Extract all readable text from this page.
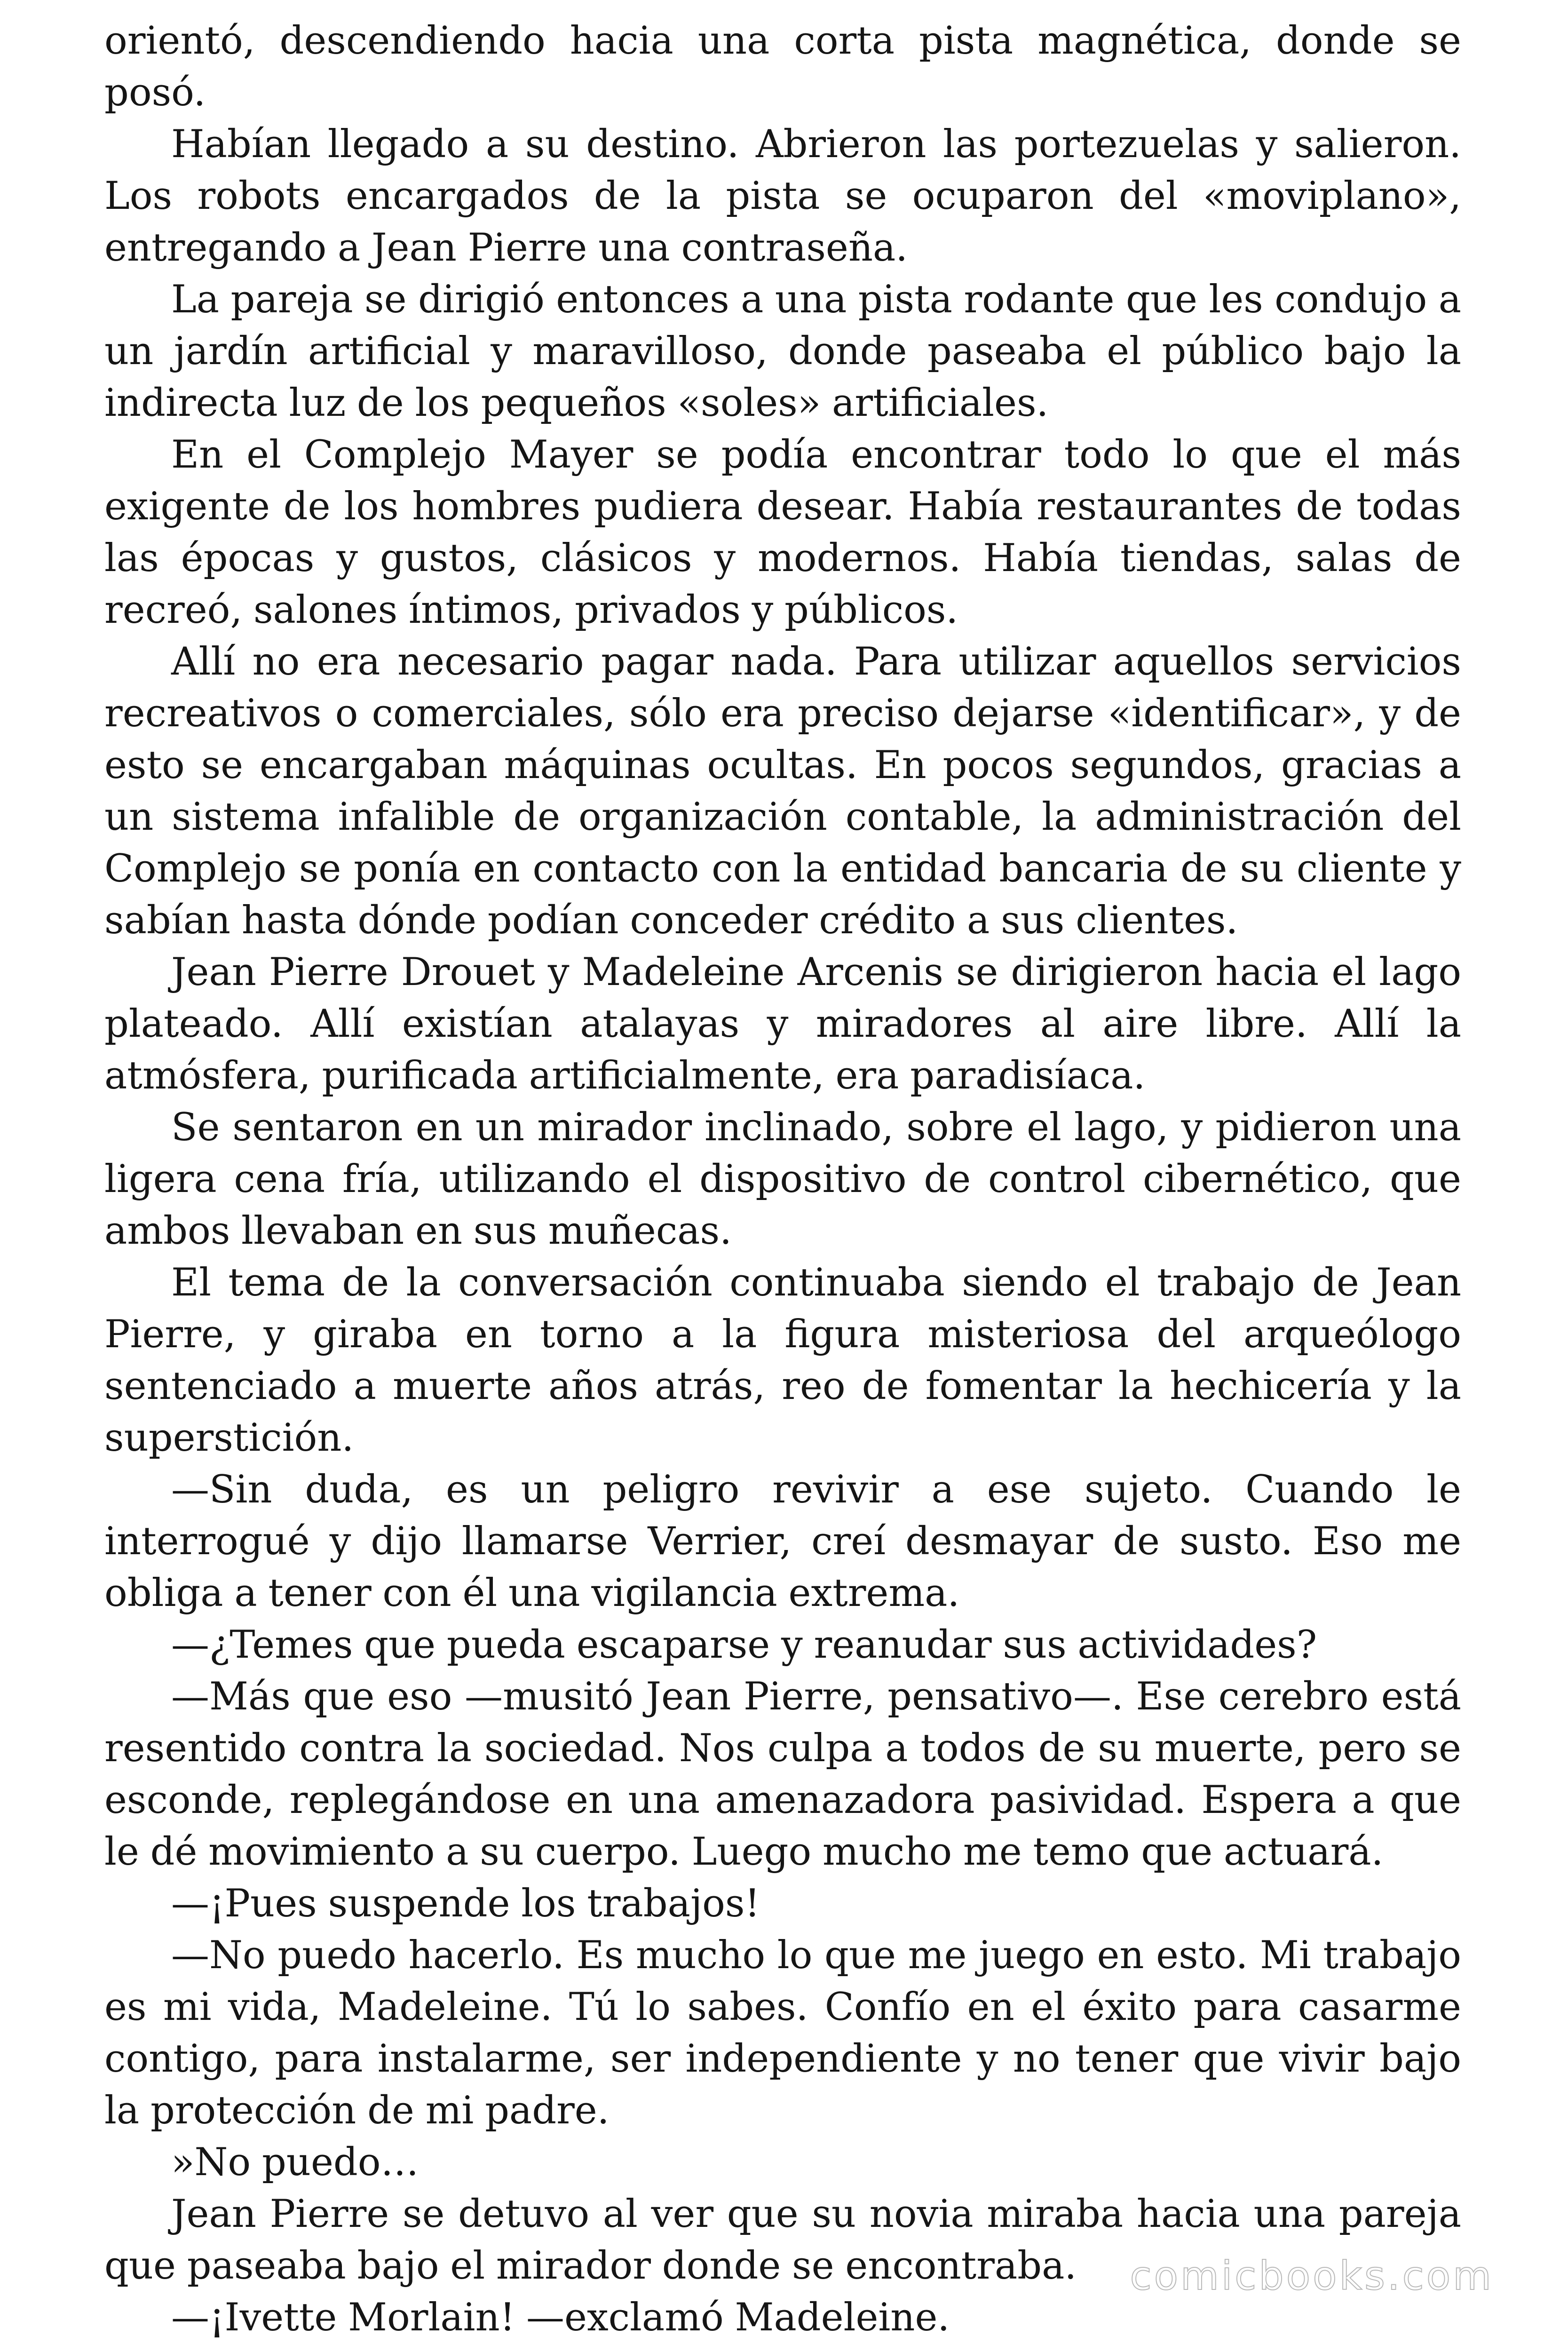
orientó, descendiendo hacia una corta pista magnética, donde se posó.

Habían llegado a su destino. Abrieron las portezuelas y salieron. Los robots encargados de la pista se ocuparon del «moviplano», entregando a Jean Pierre una contraseña.

La pareja se dirigió entonces a una pista rodante que les condujo a un jardín artificial y maravilloso, donde paseaba el público bajo la indirecta luz de los pequeños «soles» artificiales.

En el Complejo Mayer se podía encontrar todo lo que el más exigente de los hombres pudiera desear. Había restaurantes de todas las épocas y gustos, clásicos y modernos. Había tiendas, salas de recreó, salones íntimos, privados y públicos.

Allí no era necesario pagar nada. Para utilizar aquellos servicios recreativos o comerciales, sólo era preciso dejarse «identificar», y de esto se encargaban máquinas ocultas. En pocos segundos, gracias a un sistema infalible de organización contable, la administración del Complejo se ponía en contacto con la entidad bancaria de su cliente y sabían hasta dónde podían conceder crédito a sus clientes.

Jean Pierre Drouet y Madeleine Arcenis se dirigieron hacia el lago plateado. Allí existían atalayas y miradores al aire libre. Allí la atmósfera, purificada artificialmente, era paradisíaca.

Se sentaron en un mirador inclinado, sobre el lago, y pidieron una ligera cena fría, utilizando el dispositivo de control cibernético, que ambos llevaban en sus muñecas.

El tema de la conversación continuaba siendo el trabajo de Jean Pierre, y giraba en torno a la figura misteriosa del arqueólogo sentenciado a muerte años atrás, reo de fomentar la hechicería y la superstición.

—Sin duda, es un peligro revivir a ese sujeto. Cuando le interrogué y dijo llamarse Verrier, creí desmayar de susto. Eso me obliga a tener con él una vigilancia extrema.

—¿Temes que pueda escaparse y reanudar sus actividades?

—Más que eso —musitó Jean Pierre, pensativo—. Ese cerebro está resentido contra la sociedad. Nos culpa a todos de su muerte, pero se esconde, replegándose en una amenazadora pasividad. Espera a que le dé movimiento a su cuerpo. Luego mucho me temo que actuará.

—¡Pues suspende los trabajos!

—No puedo hacerlo. Es mucho lo que me juego en esto. Mi trabajo es mi vida, Madeleine. Tú lo sabes. Confío en el éxito para casarme contigo, para instalarme, ser independiente y no tener que vivir bajo la protección de mi padre.

»No puedo…

Jean Pierre se detuvo al ver que su novia miraba hacia una pareja que paseaba bajo el mirador donde se encontraba.

—¡Ivette Morlain! —exclamó Madeleine.

comicbooks.com
